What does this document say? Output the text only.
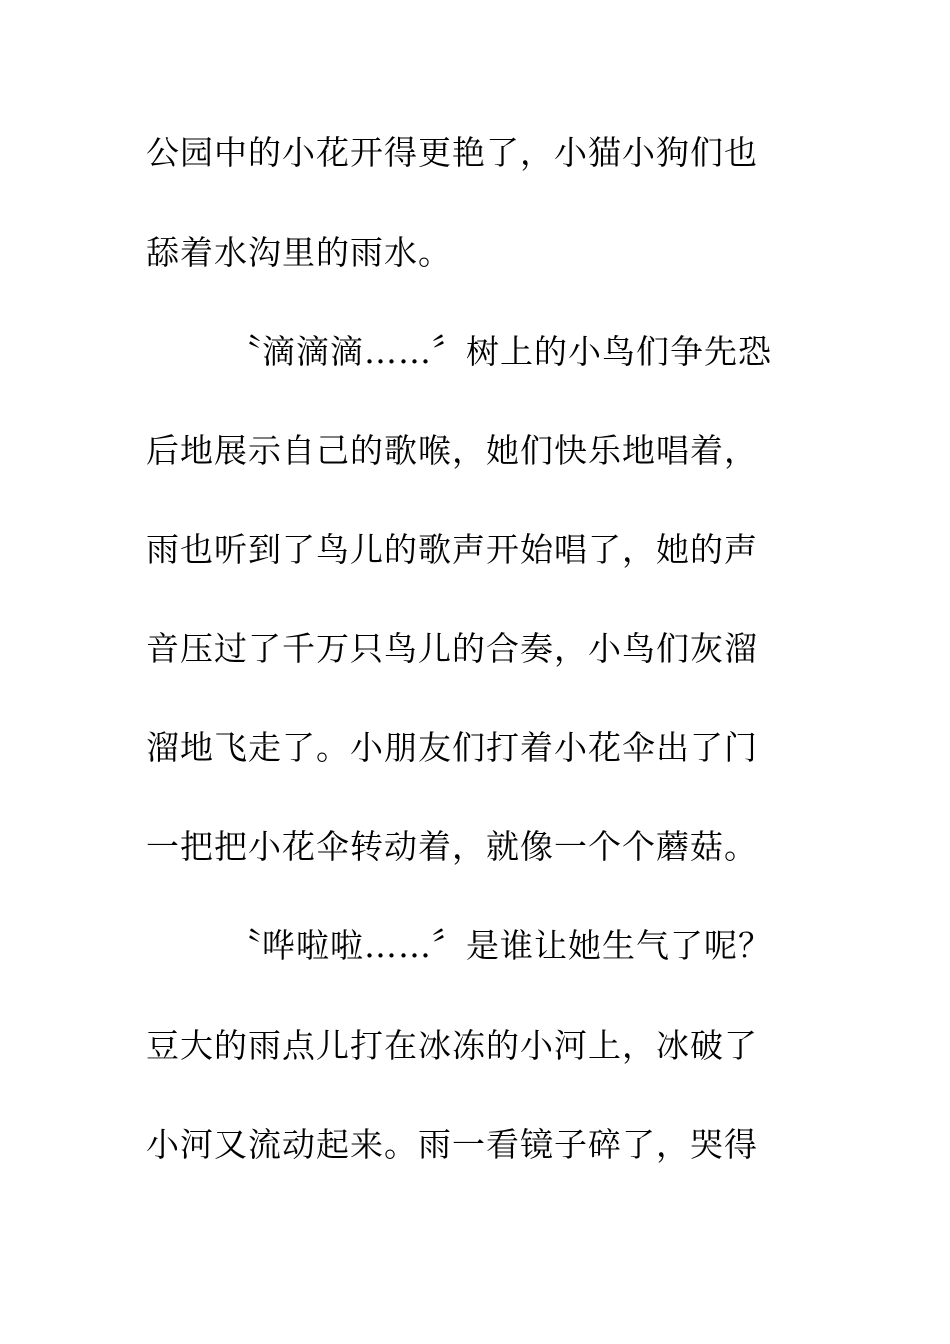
公园中的小花开得更艳了，小猫小狗们也
舔着水沟里的雨水。
〝滴滴滴……〞树上的小鸟们争先恐
后地展示自己的歌喉，她们快乐地唱着，
雨也听到了鸟儿的歌声开始唱了，她的声
音压过了千万只鸟儿的合奏，小鸟们灰溜
溜地飞走了。小朋友们打着小花伞出了门
一把把小花伞转动着，就像一个个蘑菇。
〝哗啦啦……〞是谁让她生气了呢？
豆大的雨点儿打在冰冻的小河上，冰破了
小河又流动起来。雨一看镜子碎了，哭得
